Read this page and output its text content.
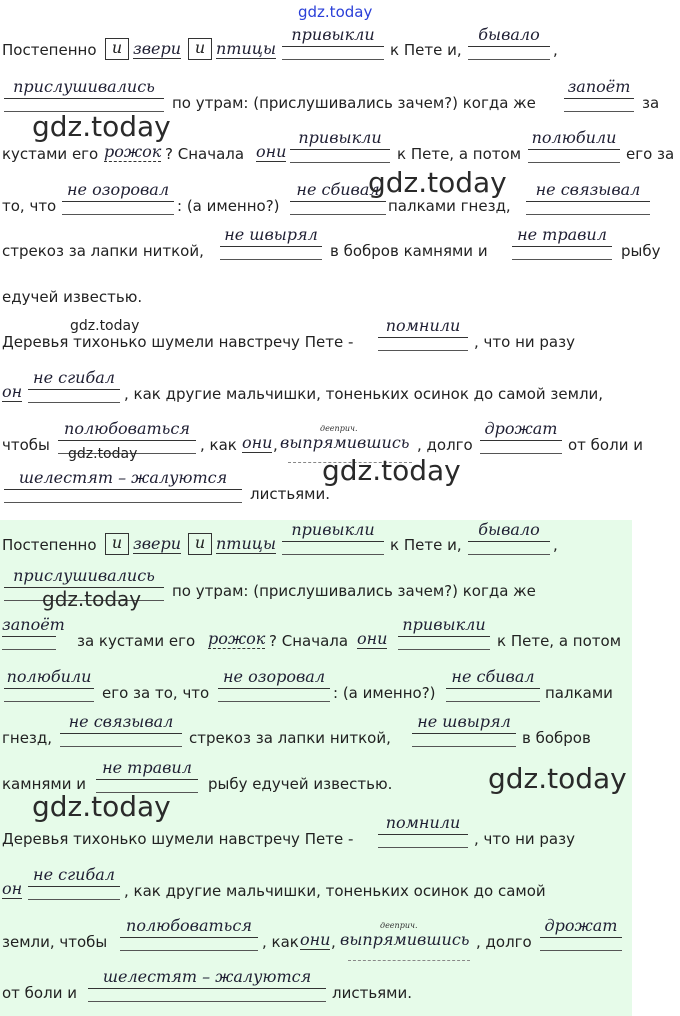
gdz.today
Постепенно и звери и птицы
привыкли
к Пете и,
бывало
,
прислушивались
по утрам: (прислушивались зачем?) когда же
запоёт
за
кустами его рожок ? Сначала они
привыкли
к Пете, а потом
полюбили
его за
то, что
не озоровал
: (а именно?)
не сбивал
палками гнезд,
не связывал
стрекоз за лапки ниткой,
не швырял
в бобров камнями и
не травил
рыбу
едучей известью.
Деревья тихонько шумели навстречу Пете -
помнили
, что ни разу
он
не сгибал
, как другие мальчишки, тоненьких осинок до самой земли,
чтобы
полюбоваться
, как они ,
дееприч.
выпрямившись , долго
дрожат
от боли и
шелестят – жалуются
листьями.
Постепенно и звери и птицы
привыкли
к Пете и,
бывало
,
прислушивались
по утрам: (прислушивались зачем?) когда же
запоёт
за кустами его рожок ? Сначала они
привыкли
к Пете, а потом
полюбили
его за то, что
не озоровал
: (а именно?)
не сбивал
палками
гнезд,
не связывал
стрекоз за лапки ниткой,
не швырял
в бобров
камнями и
не травил
рыбу едучей известью.
Деревья тихонько шумели навстречу Пете -
помнили
, что ни разу
он
не сгибал
, как другие мальчишки, тоненьких осинок до самой
земли, чтобы
полюбоваться
, как они ,
дееприч.
выпрямившись , долго
дрожат
от боли и
шелестят – жалуются
листьями.
gdz.today
gdz.today
gdz.today
gdz.today	gdz.today
gdz.today
gdz.today
gdz.today
